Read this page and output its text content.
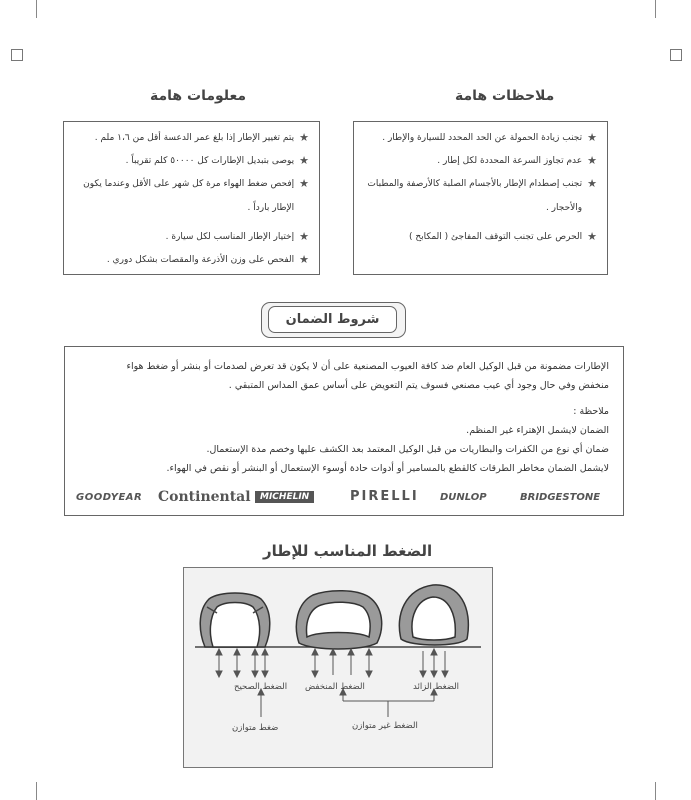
معلومات هامة
★
يتم تغيير الإطار إذا بلغ عمر الدعسة أقل من ١،٦ ملم .
★
يوصى بتبديل الإطارات كل ٥٠٠٠٠ كلم تقريباً .
★
إفحص ضغط الهواء مرة كل شهر على الأقل وعندما يكون الإطار بارداً .
★
إختيار الإطار المناسب لكل سيارة .
★
الفحص على وزن الأذرعة والمقصات بشكل دوري .
ملاحظات هامة
★
تجنب زيادة الحمولة عن الحد المحدد للسيارة والإطار .
★
عدم تجاوز السرعة المحددة لكل إطار .
★
تجنب إصطدام الإطار بالأجسام الصلبة كالأرصفة والمطبات والأحجار .
★
الحرص على تجنب التوقف المفاجئ ( المكابح )
شروط الضمان
الإطارات مضمونة من قبل الوكيل العام ضد كافة العيوب المصنعية على أن لا يكون قد تعرض لصدمات أو بنشر أو ضغط هواء
منخفض وفي حال وجود أي عيب مصنعي فسوف يتم التعويض على أساس عمق المداس المتبقي .
ملاحظة :
الضمان لايشمل الإهتراء غير المنظم.
ضمان أي نوع من الكفرات والبطاريات من قبل الوكيل المعتمد بعد الكشف عليها وخصم مدة الإستعمال.
لايشمل الضمان مخاطر الطرقات كالقطع بالمسامير أو أدوات حادة أوسوء الإستعمال أو البنشر أو نقص في الهواء.
GOODYEAR Continental	MICHELIN	PIRELLI DUNLOP	BRIDGESTONE
الضغط المناسب للإطار
الضغط الصحيح الضغط المنخفض	الضغط الزائد
ضغط متوازن	الضغط غير متوازن
